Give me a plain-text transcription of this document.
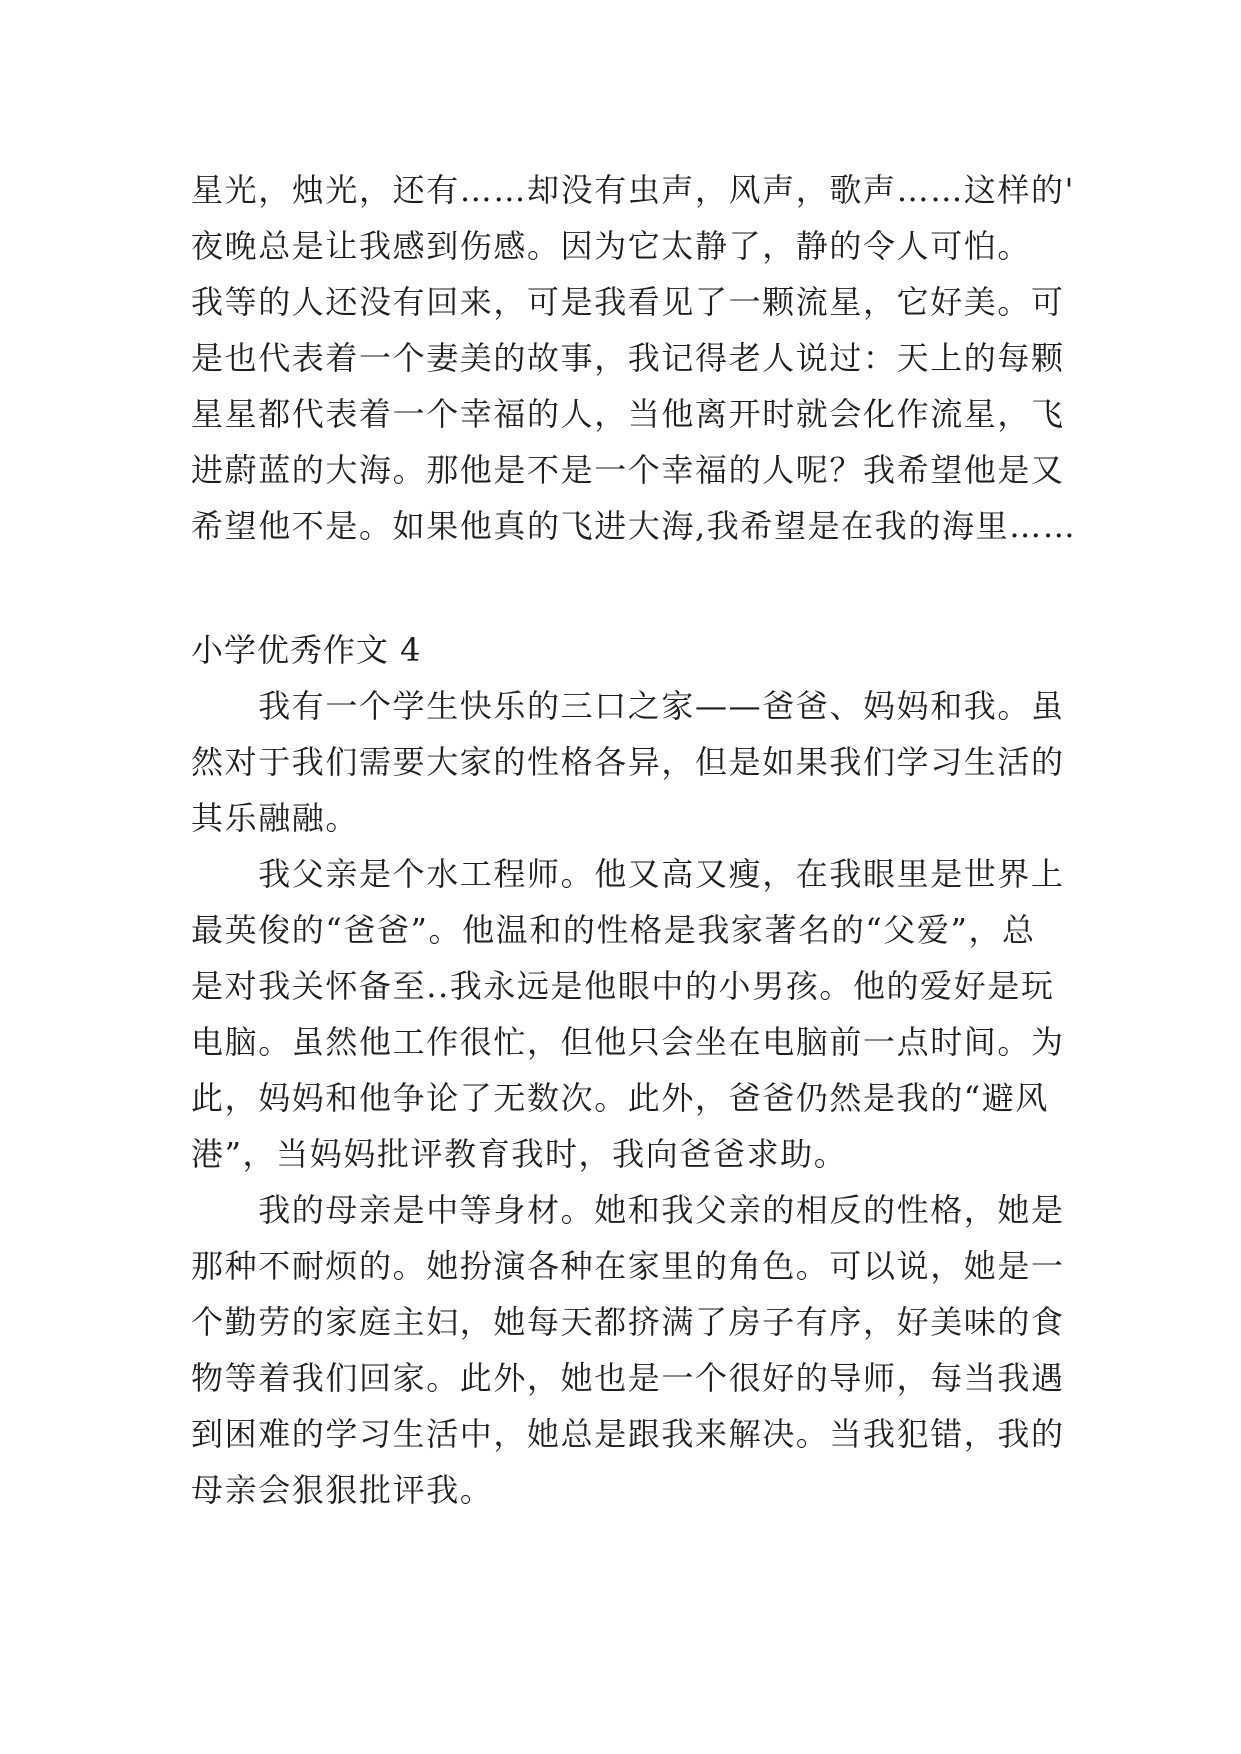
星光，烛光，还有……却没有虫声，风声，歌声……这样的'
夜晚总是让我感到伤感。因为它太静了，静的令人可怕。
我等的人还没有回来，可是我看见了一颗流星，它好美。可
是也代表着一个妻美的故事，我记得老人说过：天上的每颗
星星都代表着一个幸福的人，当他离开时就会化作流星，飞
进蔚蓝的大海。那他是不是一个幸福的人呢？我希望他是又
希望他不是。如果他真的飞进大海,我希望是在我的海里……
小学优秀作文 4
　　我有一个学生快乐的三口之家——爸爸、妈妈和我。虽
然对于我们需要大家的性格各异，但是如果我们学习生活的
其乐融融。
　　我父亲是个水工程师。他又高又瘦，在我眼里是世界上
最英俊的“爸爸”。他温和的性格是我家著名的“父爱”，总
是对我关怀备至..我永远是他眼中的小男孩。他的爱好是玩
电脑。虽然他工作很忙，但他只会坐在电脑前一点时间。为
此，妈妈和他争论了无数次。此外，爸爸仍然是我的“避风
港”，当妈妈批评教育我时，我向爸爸求助。
　　我的母亲是中等身材。她和我父亲的相反的性格，她是
那种不耐烦的。她扮演各种在家里的角色。可以说，她是一
个勤劳的家庭主妇，她每天都挤满了房子有序，好美味的食
物等着我们回家。此外，她也是一个很好的导师，每当我遇
到困难的学习生活中，她总是跟我来解决。当我犯错，我的
母亲会狠狠批评我。
